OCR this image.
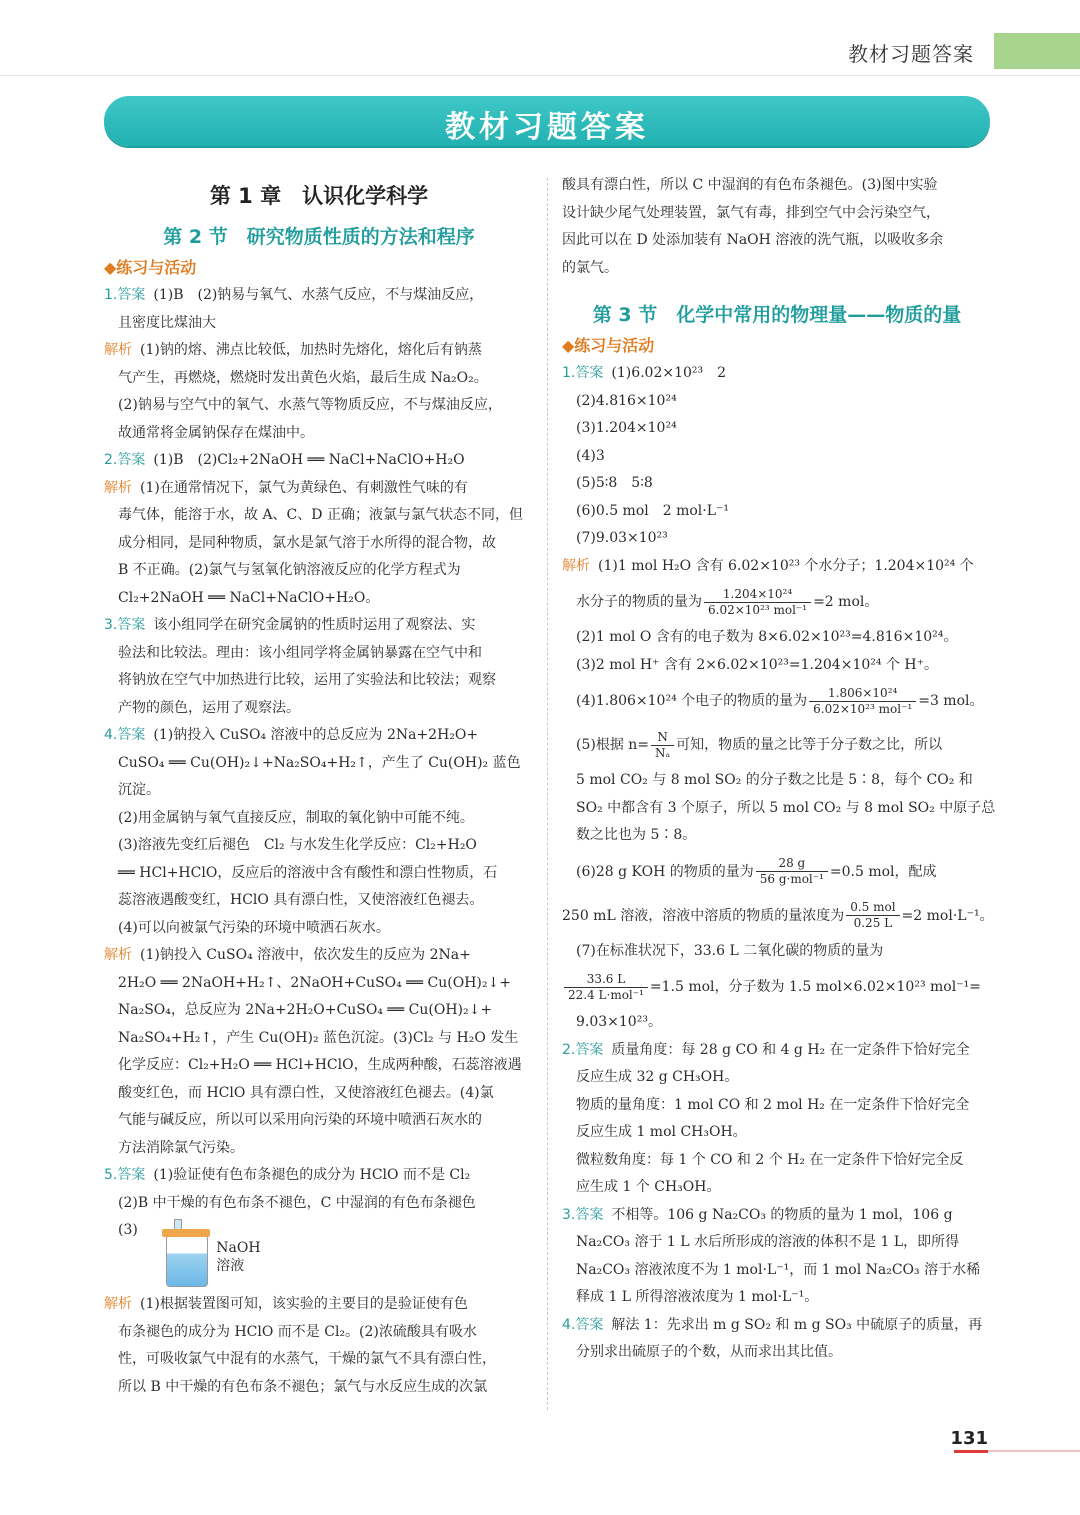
教材习题答案
教材习题答案
第 1 章　认识化学科学
第 2 节　研究物质性质的方法和程序
◆练习与活动
1.答案 (1)B　(2)钠易与氧气、水蒸气反应，不与煤油反应，
且密度比煤油大
解析 (1)钠的熔、沸点比较低，加热时先熔化，熔化后有钠蒸
气产生，再燃烧，燃烧时发出黄色火焰，最后生成 Na₂O₂。
(2)钠易与空气中的氧气、水蒸气等物质反应，不与煤油反应，
故通常将金属钠保存在煤油中。
2.答案 (1)B　(2)Cl₂+2NaOH ══ NaCl+NaClO+H₂O
解析 (1)在通常情况下，氯气为黄绿色、有刺激性气味的有
毒气体，能溶于水，故 A、C、D 正确；液氯与氯气状态不同，但
成分相同，是同种物质，氯水是氯气溶于水所得的混合物，故
B 不正确。(2)氯气与氢氧化钠溶液反应的化学方程式为
Cl₂+2NaOH ══ NaCl+NaClO+H₂O。
3.答案 该小组同学在研究金属钠的性质时运用了观察法、实
验法和比较法。理由：该小组同学将金属钠暴露在空气中和
将钠放在空气中加热进行比较，运用了实验法和比较法；观察
产物的颜色，运用了观察法。
4.答案 (1)钠投入 CuSO₄ 溶液中的总反应为 2Na+2H₂O+
CuSO₄ ══ Cu(OH)₂↓+Na₂SO₄+H₂↑，产生了 Cu(OH)₂ 蓝色
沉淀。
(2)用金属钠与氧气直接反应，制取的氧化钠中可能不纯。
(3)溶液先变红后褪色　Cl₂ 与水发生化学反应：Cl₂+H₂O
══ HCl+HClO，反应后的溶液中含有酸性和漂白性物质，石
蕊溶液遇酸变红，HClO 具有漂白性，又使溶液红色褪去。
(4)可以向被氯气污染的环境中喷洒石灰水。
解析 (1)钠投入 CuSO₄ 溶液中，依次发生的反应为 2Na+
2H₂O ══ 2NaOH+H₂↑、2NaOH+CuSO₄ ══ Cu(OH)₂↓+
Na₂SO₄，总反应为 2Na+2H₂O+CuSO₄ ══ Cu(OH)₂↓+
Na₂SO₄+H₂↑，产生 Cu(OH)₂ 蓝色沉淀。(3)Cl₂ 与 H₂O 发生
化学反应：Cl₂+H₂O ══ HCl+HClO，生成两种酸，石蕊溶液遇
酸变红色，而 HClO 具有漂白性，又使溶液红色褪去。(4)氯
气能与碱反应，所以可以采用向污染的环境中喷洒石灰水的
方法消除氯气污染。
5.答案 (1)验证使有色布条褪色的成分为 HClO 而不是 Cl₂
(2)B 中干燥的有色布条不褪色，C 中湿润的有色布条褪色
(3)
NaOH
溶液
解析 (1)根据装置图可知，该实验的主要目的是验证使有色
布条褪色的成分为 HClO 而不是 Cl₂。(2)浓硫酸具有吸水
性，可吸收氯气中混有的水蒸气，干燥的氯气不具有漂白性，
所以 B 中干燥的有色布条不褪色；氯气与水反应生成的次氯
酸具有漂白性，所以 C 中湿润的有色布条褪色。(3)图中实验
设计缺少尾气处理装置，氯气有毒，排到空气中会污染空气，
因此可以在 D 处添加装有 NaOH 溶液的洗气瓶，以吸收多余
的氯气。
第 3 节　化学中常用的物理量——物质的量
◆练习与活动
1.答案 (1)6.02×10²³　2
(2)4.816×10²⁴
(3)1.204×10²⁴
(4)3
(5)5∶8　5∶8
(6)0.5 mol　2 mol·L⁻¹
(7)9.03×10²³
解析 (1)1 mol H₂O 含有 6.02×10²³ 个水分子；1.204×10²⁴ 个
水分子的物质的量为 $\frac{\text{1.204×10²⁴}}{\text{6.02×10²³ mol⁻¹}} =2$ mol。
(2)1 mol O 含有的电子数为 8×6.02×10²³=4.816×10²⁴。
(3)2 mol H⁺ 含有 2×6.02×10²³=1.204×10²⁴ 个 H⁺。
(4)1.806×10²⁴ 个电子的物质的量为 $\frac{\text{1.806×10²⁴}}{\text{6.02×10²³ mol⁻¹}} =3$ mol。
(5)根据 $n= \frac{N}{\text{Nₐ}}$ 可知，物质的量之比等于分子数之比，所以
5 mol CO₂ 与 8 mol SO₂ 的分子数之比是 5∶8，每个 CO₂ 和
SO₂ 中都含有 3 个原子，所以 5 mol CO₂ 与 8 mol SO₂ 中原子总
数之比也为 5∶8。
(6)28 g KOH 的物质的量为 $\frac{28 g}{\text{56 g·mol⁻¹}} =0.5$ mol，配成
250 mL 溶液，溶液中溶质的物质的量浓度为 $\frac{\text{0.5 mol}}{0.25 L} =2$ mol·L⁻¹。
(7)在标准状况下，33.6 L 二氧化碳的物质的量为
$\frac{33.6 L}{\text{22.4 L·mol⁻¹}} =1.5$ mol，分子数为 1.5 mol×6.02×10²³ mol⁻¹=
9.03×10²³。
2.答案 质量角度：每 28 g CO 和 4 g H₂ 在一定条件下恰好完全
反应生成 32 g CH₃OH。
物质的量角度：1 mol CO 和 2 mol H₂ 在一定条件下恰好完全
反应生成 1 mol CH₃OH。
微粒数角度：每 1 个 CO 和 2 个 H₂ 在一定条件下恰好完全反
应生成 1 个 CH₃OH。
3.答案 不相等。106 g Na₂CO₃ 的物质的量为 1 mol，106 g
Na₂CO₃ 溶于 1 L 水后所形成的溶液的体积不是 1 L，即所得
Na₂CO₃ 溶液浓度不为 1 mol·L⁻¹，而 1 mol Na₂CO₃ 溶于水稀
释成 1 L 所得溶液浓度为 1 mol·L⁻¹。
4.答案 解法 1：先求出 m g SO₂ 和 m g SO₃ 中硫原子的质量，再
分别求出硫原子的个数，从而求出其比值。
131
